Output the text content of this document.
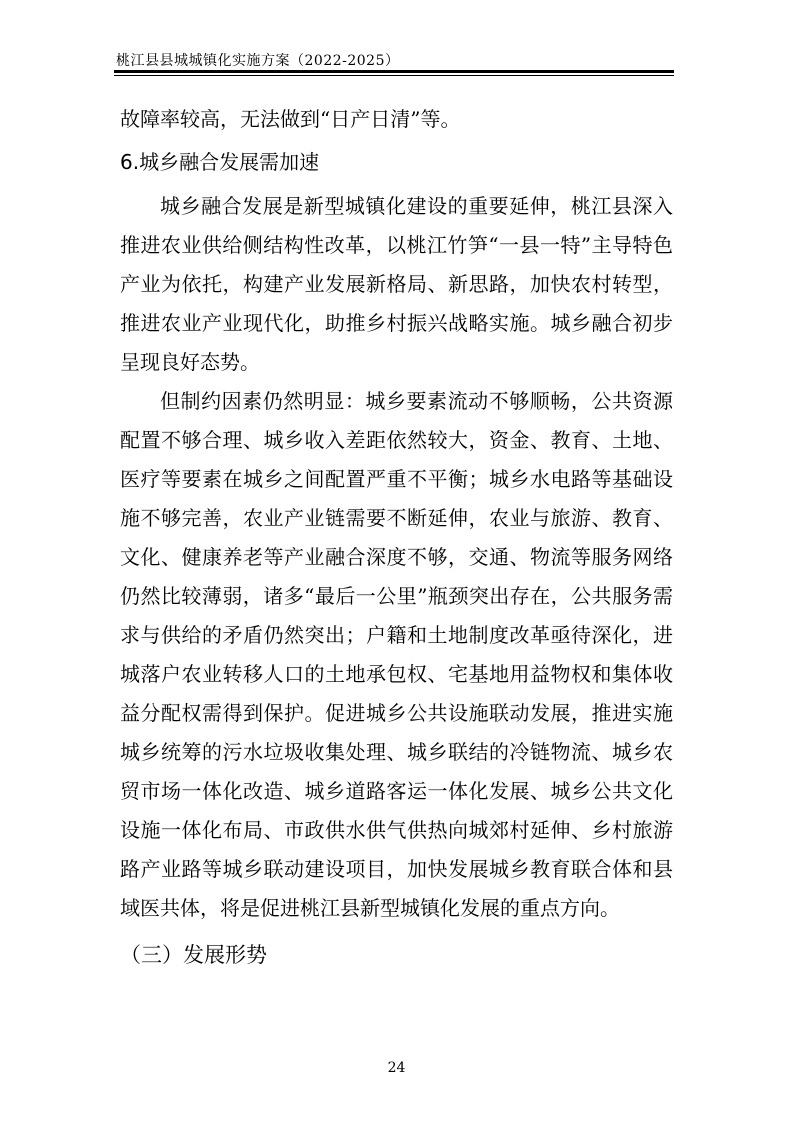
桃江县县城城镇化实施方案（2022-2025）

故障率较高，无法做到“日产日清”等。

6.城乡融合发展需加速

城乡融合发展是新型城镇化建设的重要延伸，桃江县深入推进农业供给侧结构性改革，以桃江竹笋“一县一特”主导特色产业为依托，构建产业发展新格局、新思路，加快农村转型，推进农业产业现代化，助推乡村振兴战略实施。城乡融合初步呈现良好态势。

但制约因素仍然明显：城乡要素流动不够顺畅，公共资源配置不够合理、城乡收入差距依然较大，资金、教育、土地、医疗等要素在城乡之间配置严重不平衡；城乡水电路等基础设施不够完善，农业产业链需要不断延伸，农业与旅游、教育、文化、健康养老等产业融合深度不够，交通、物流等服务网络仍然比较薄弱，诸多“最后一公里”瓶颈突出存在，公共服务需求与供给的矛盾仍然突出；户籍和土地制度改革亟待深化，进城落户农业转移人口的土地承包权、宅基地用益物权和集体收益分配权需得到保护。促进城乡公共设施联动发展，推进实施城乡统筹的污水垃圾收集处理、城乡联结的冷链物流、城乡农贸市场一体化改造、城乡道路客运一体化发展、城乡公共文化设施一体化布局、市政供水供气供热向城郊村延伸、乡村旅游路产业路等城乡联动建设项目，加快发展城乡教育联合体和县域医共体，将是促进桃江县新型城镇化发展的重点方向。

（三）发展形势

24
